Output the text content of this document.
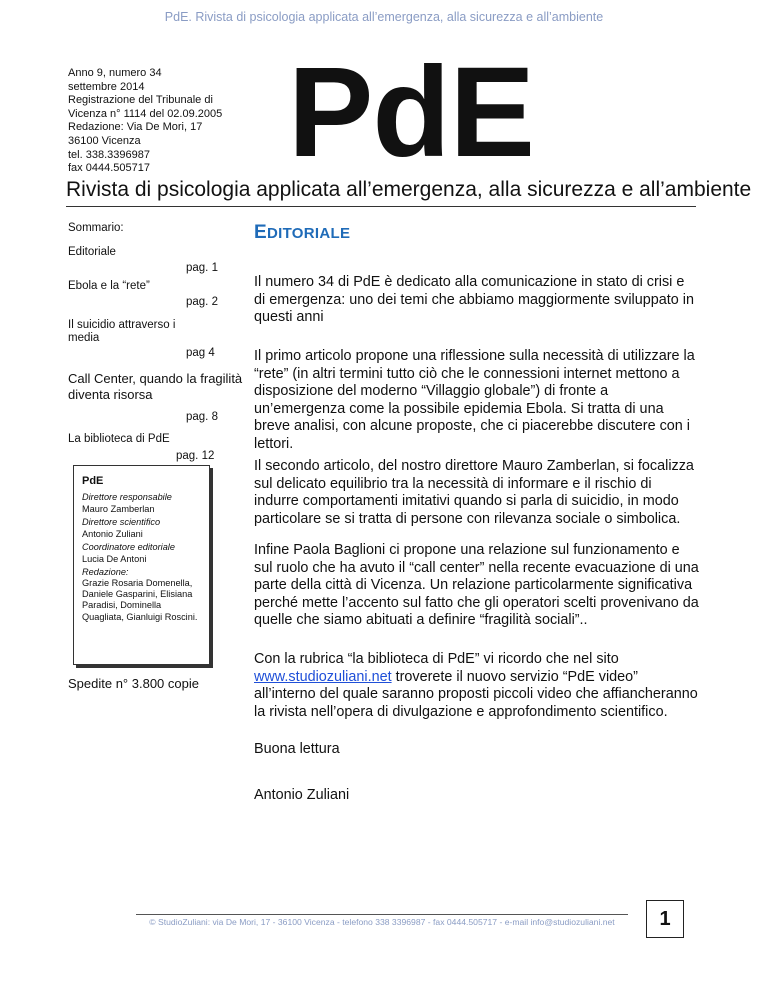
PdE. Rivista di psicologia applicata all’emergenza, alla sicurezza e all’ambiente
Anno 9, numero 34
settembre 2014
Registrazione del Tribunale di
Vicenza n° 1114 del 02.09.2005
Redazione: Via De Mori, 17
36100 Vicenza
tel. 338.3396987
fax 0444.505717	PdE
Rivista di psicologia applicata all’emergenza, alla sicurezza e all’ambiente
Sommario:
Editoriale
pag. 1
Ebola e la “rete”
pag. 2
Il suicidio attraverso i media
pag 4
Call Center, quando la fragilità diventa risorsa
pag. 8
La biblioteca di PdE
pag. 12
PdE
Direttore responsabile
Mauro Zamberlan
Direttore scientifico
Antonio Zuliani
Coordinatore editoriale
Lucia De Antoni
Redazione:
Grazie Rosaria Domenella, Daniele Gasparini, Elisiana Paradisi, Dominella Quagliata, Gianluigi Roscini.
Spedite n° 3.800 copie
EDITORIALE

Il numero 34 di PdE è dedicato alla comunicazione in stato di crisi e di emergenza: uno dei temi che abbiamo maggiormente sviluppato in questi anni

Il primo articolo propone una riflessione sulla necessità di utilizzare la “rete” (in altri termini tutto ciò che le connessioni internet mettono a disposizione del moderno “Villaggio globale”) di fronte a un’emergenza come la possibile epidemia Ebola. Si tratta di una breve analisi, con alcune proposte, che ci piacerebbe discutere con i lettori.

Il secondo articolo, del nostro direttore Mauro Zamberlan, si focalizza sul delicato equilibrio tra la necessità di informare e il rischio di indurre comportamenti imitativi quando si parla di suicidio, in modo particolare se si tratta di persone con rilevanza sociale o simbolica.

Infine Paola Baglioni ci propone una relazione sul funzionamento e sul ruolo che ha avuto il “call center” nella recente evacuazione di una parte della città di Vicenza. Un relazione particolarmente significativa perché mette l’accento sul fatto che gli operatori scelti provenivano da quelle che siamo abituati a definire “fragilità sociali”..

Con la rubrica “la biblioteca di PdE” vi ricordo che nel sito www.studiozuliani.net troverete il nuovo servizio “PdE video” all’interno del quale saranno proposti piccoli video che affiancheranno la rivista nell’opera di divulgazione e approfondimento scientifico.

Buona lettura

Antonio Zuliani

© StudioZuliani: via De Mori, 17 - 36100 Vicenza - telefono 338 3396987 - fax 0444.505717 - e-mail info@studiozuliani.net	1
